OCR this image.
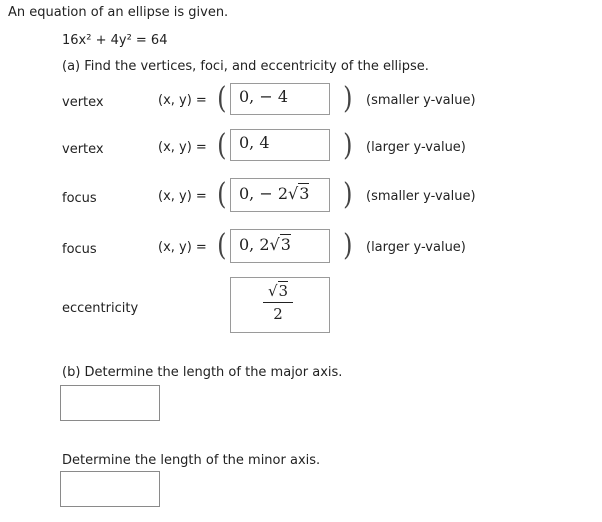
An equation of an ellipse is given.
16x² + 4y² = 64
(a) Find the vertices, foci, and eccentricity of the ellipse.
vertex	(x, y) = ( 0, − 4 ) (smaller y-value)
vertex	(x, y) = ( 0, 4 ) (larger y-value)
focus	(x, y) = ( 0, − 2√3 ) (smaller y-value)
focus	(x, y) = ( 0, 2√3 ) (larger y-value)
eccentricity
√3
2
(b) Determine the length of the major axis.
Determine the length of the minor axis.
